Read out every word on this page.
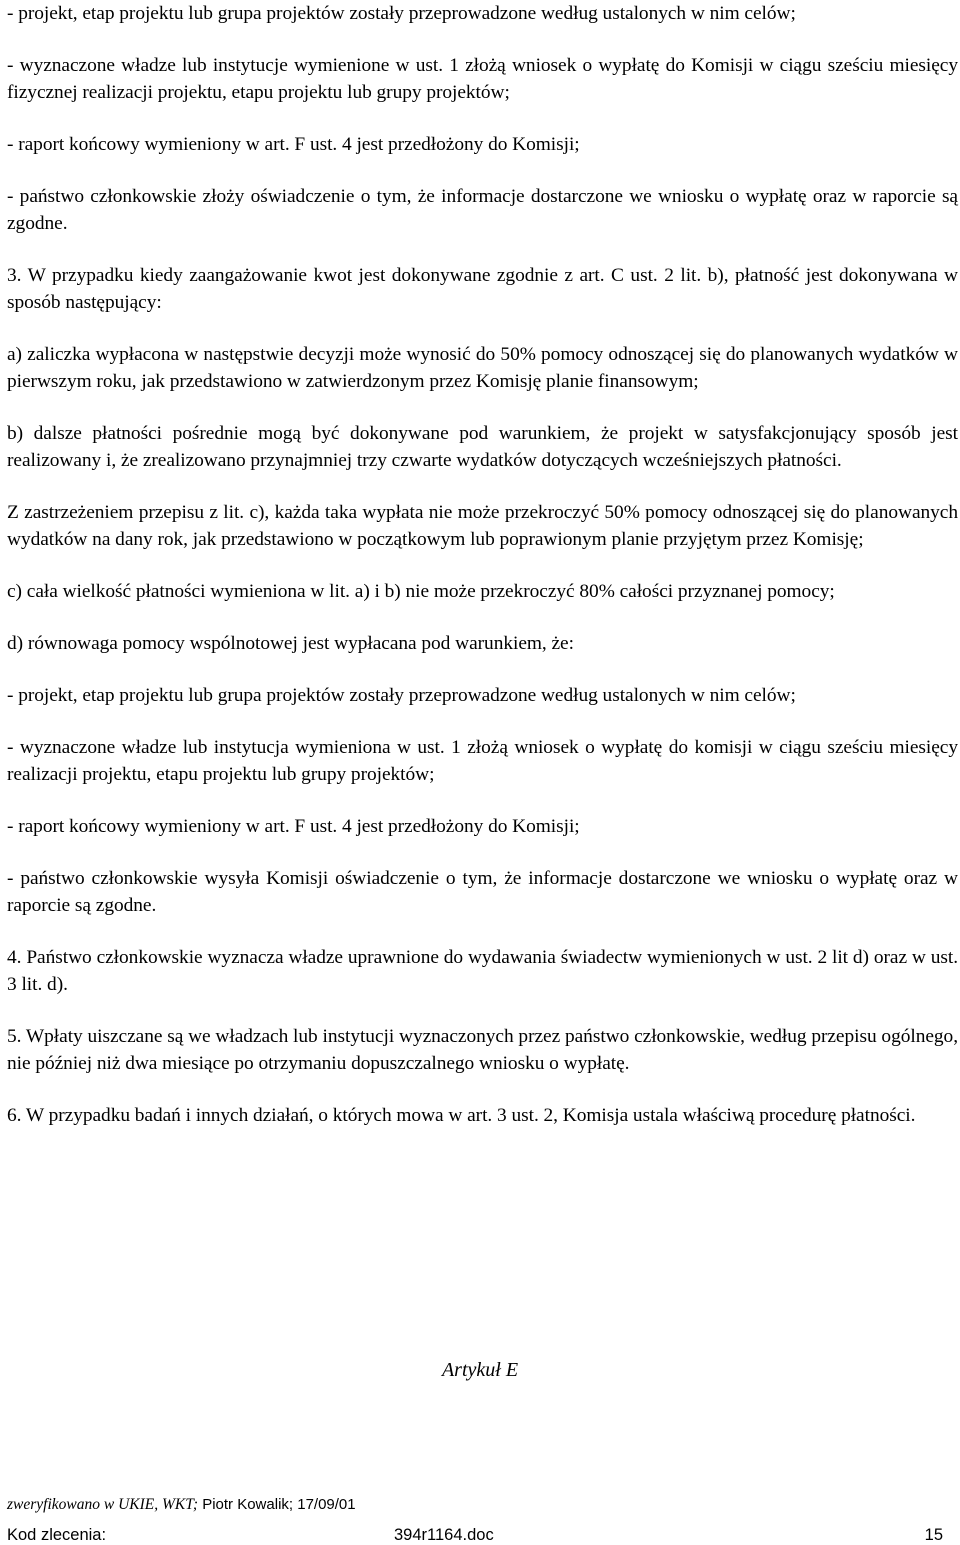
- projekt, etap projektu lub grupa projektów zostały przeprowadzone według ustalonych w nim celów;

- wyznaczone władze lub instytucje wymienione w ust. 1 złożą wniosek o wypłatę do Komisji w ciągu sześciu miesięcy fizycznej realizacji projektu, etapu projektu lub grupy projektów;

- raport końcowy wymieniony w art. F ust. 4 jest przedłożony do Komisji;

- państwo członkowskie złoży oświadczenie o tym, że informacje dostarczone we wniosku o wypłatę oraz w raporcie są zgodne.

3. W przypadku kiedy zaangażowanie kwot jest dokonywane zgodnie z art. C ust. 2 lit. b), płatność jest dokonywana w sposób następujący:

a) zaliczka wypłacona w następstwie decyzji może wynosić do 50% pomocy odnoszącej się do planowanych wydatków w pierwszym roku, jak przedstawiono w zatwierdzonym przez Komisję planie finansowym;

b) dalsze płatności pośrednie mogą być dokonywane pod warunkiem, że projekt w satysfakcjonujący sposób jest realizowany i, że zrealizowano przynajmniej trzy czwarte wydatków dotyczących wcześniejszych płatności.

Z zastrzeżeniem przepisu z lit. c), każda taka wypłata nie może przekroczyć 50% pomocy odnoszącej się do planowanych wydatków na dany rok, jak przedstawiono w początkowym lub poprawionym planie przyjętym przez Komisję;

c) cała wielkość płatności wymieniona w lit. a) i b) nie może przekroczyć 80% całości przyznanej pomocy;

d) równowaga pomocy wspólnotowej jest wypłacana pod warunkiem, że:

- projekt, etap projektu lub grupa projektów zostały przeprowadzone według ustalonych w nim celów;

- wyznaczone władze lub instytucja wymieniona w ust. 1 złożą wniosek o wypłatę do komisji w ciągu sześciu miesięcy realizacji projektu, etapu projektu lub grupy projektów;

- raport końcowy wymieniony w art. F ust. 4 jest przedłożony do Komisji;

- państwo członkowskie wysyła Komisji oświadczenie o tym, że informacje dostarczone we wniosku o wypłatę oraz w raporcie są zgodne.

4. Państwo członkowskie wyznacza władze uprawnione do wydawania świadectw wymienionych w ust. 2 lit d) oraz w ust. 3 lit. d).

5. Wpłaty uiszczane są we władzach lub instytucji wyznaczonych przez państwo członkowskie, według przepisu ogólnego, nie później niż dwa miesiące po otrzymaniu dopuszczalnego wniosku o wypłatę.

6. W przypadku badań i innych działań, o których mowa w art. 3 ust. 2, Komisja ustala właściwą procedurę płatności.

Artykuł E
zweryfikowano w UKIE, WKT; Piotr Kowalik; 17/09/01
Kod zlecenia:	394r1164.doc	15
